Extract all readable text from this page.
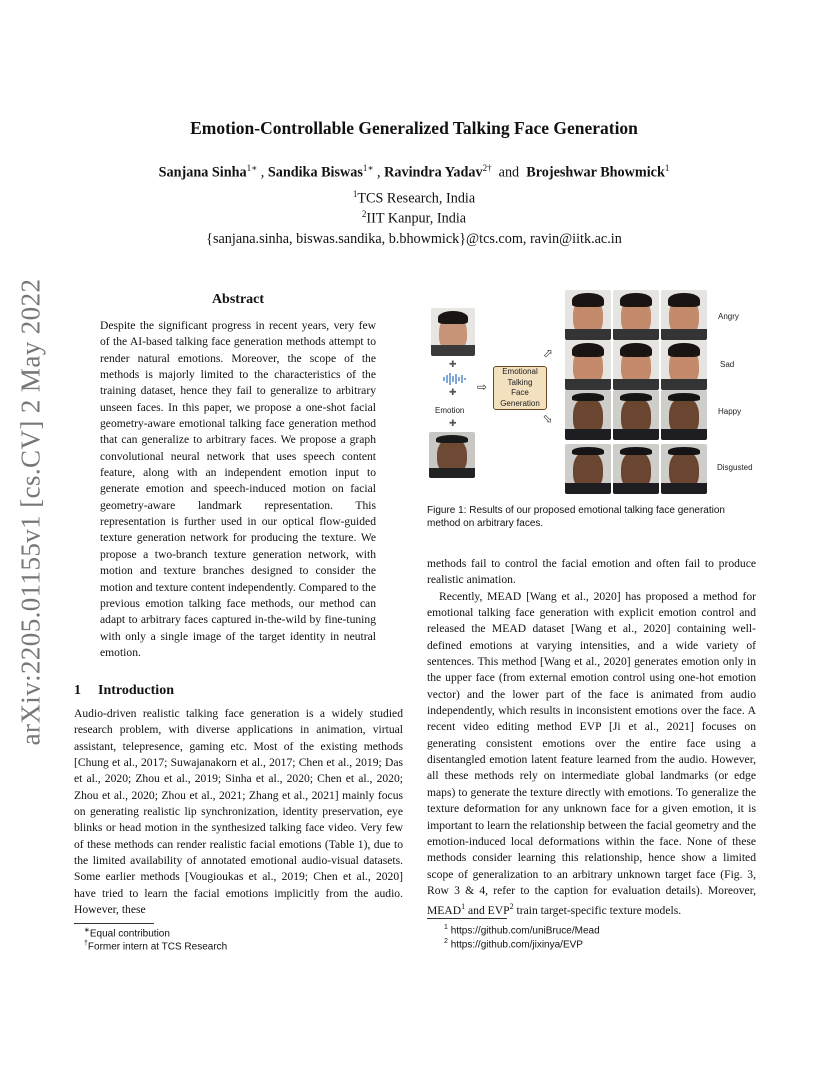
arXiv:2205.01155v1 [cs.CV] 2 May 2022
Emotion-Controllable Generalized Talking Face Generation
Sanjana Sinha$^{1∗}$ , Sandika Biswas$^{1∗}$ , Ravindra Yadav$^{2\dagger}$  and  Brojeshwar Bhowmick$^1$
$^1$TCS Research, India
$^2$IIT Kanpur, India
{sanjana.sinha, biswas.sandika, b.bhowmick}@tcs.com, ravin@iitk.ac.in
Abstract
Despite the significant progress in recent years, very few of the AI-based talking face generation methods attempt to render natural emotions. Moreover, the scope of the methods is majorly limited to the characteristics of the training dataset, hence they fail to generalize to arbitrary unseen faces. In this paper, we propose a one-shot facial geometry-aware emotional talking face generation method that can generalize to arbitrary faces. We propose a graph convolutional neural network that uses speech content feature, along with an independent emotion input to generate emotion and speech-induced motion on facial geometry-aware landmark representation. This representation is further used in our optical flow-guided texture generation network for producing the texture. We propose a two-branch texture generation network, with motion and texture branches designed to consider the motion and texture content independently. Compared to the previous emotion talking face methods, our method can adapt to arbitrary faces captured in-the-wild by fine-tuning with only a single image of the target identity in neutral emotion.
1 Introduction

Audio-driven realistic talking face generation is a widely studied research problem, with diverse applications in animation, virtual assistant, telepresence, gaming etc. Most of the existing methods [Chung et al., 2017; Suwajanakorn et al., 2017; Chen et al., 2019; Das et al., 2020; Zhou et al., 2019; Sinha et al., 2020; Chen et al., 2020; Zhou et al., 2020; Zhou et al., 2021; Zhang et al., 2021] mainly focus on generating realistic lip synchronization, identity preservation, eye blinks or head motion in the synthesized talking face video. Very few of these methods can render realistic facial emotions (Table 1), due to the limited availability of annotated emotional audio-visual datasets. Some earlier methods [Vougioukas et al., 2019; Chen et al., 2020] have tried to learn the facial emotions implicitly from the audio. However, these

∗Equal contribution
†Former intern at TCS Research
✚
✚
Emotion
✚
⇨
Emotional
Talking
Face
Generation
⇨
⇨
Angry
Sad
Happy
Disgusted
Figure 1: Results of our proposed emotional talking face generation method on arbitrary faces.

methods fail to control the facial emotion and often fail to produce realistic animation.

Recently, MEAD [Wang et al., 2020] has proposed a method for emotional talking face generation with explicit emotion control and released the MEAD dataset [Wang et al., 2020] containing well-defined emotions at varying intensities, and a wide variety of sentences. This method [Wang et al., 2020] generates emotion only in the upper face (from external emotion control using one-hot emotion vector) and the lower part of the face is animated from audio independently, which results in inconsistent emotions over the face. A recent video editing method EVP [Ji et al., 2021] focuses on generating consistent emotions over the entire face using a disentangled emotion latent feature learned from the audio. However, all these methods rely on intermediate global landmarks (or edge maps) to generate the texture directly with emotions. To generalize the texture deformation for any unknown face for a given emotion, it is important to learn the relationship between the facial geometry and the emotion-induced local deformations within the face. None of these methods consider learning this relationship, hence show a limited scope of generalization to an arbitrary unknown target face (Fig. 3, Row 3 & 4, refer to the caption for evaluation details). Moreover, MEAD$^1$ and EVP$^2$ train target-specific texture models.

$^1$ https://github.com/uniBruce/Mead
$^2$ https://github.com/jixinya/EVP
